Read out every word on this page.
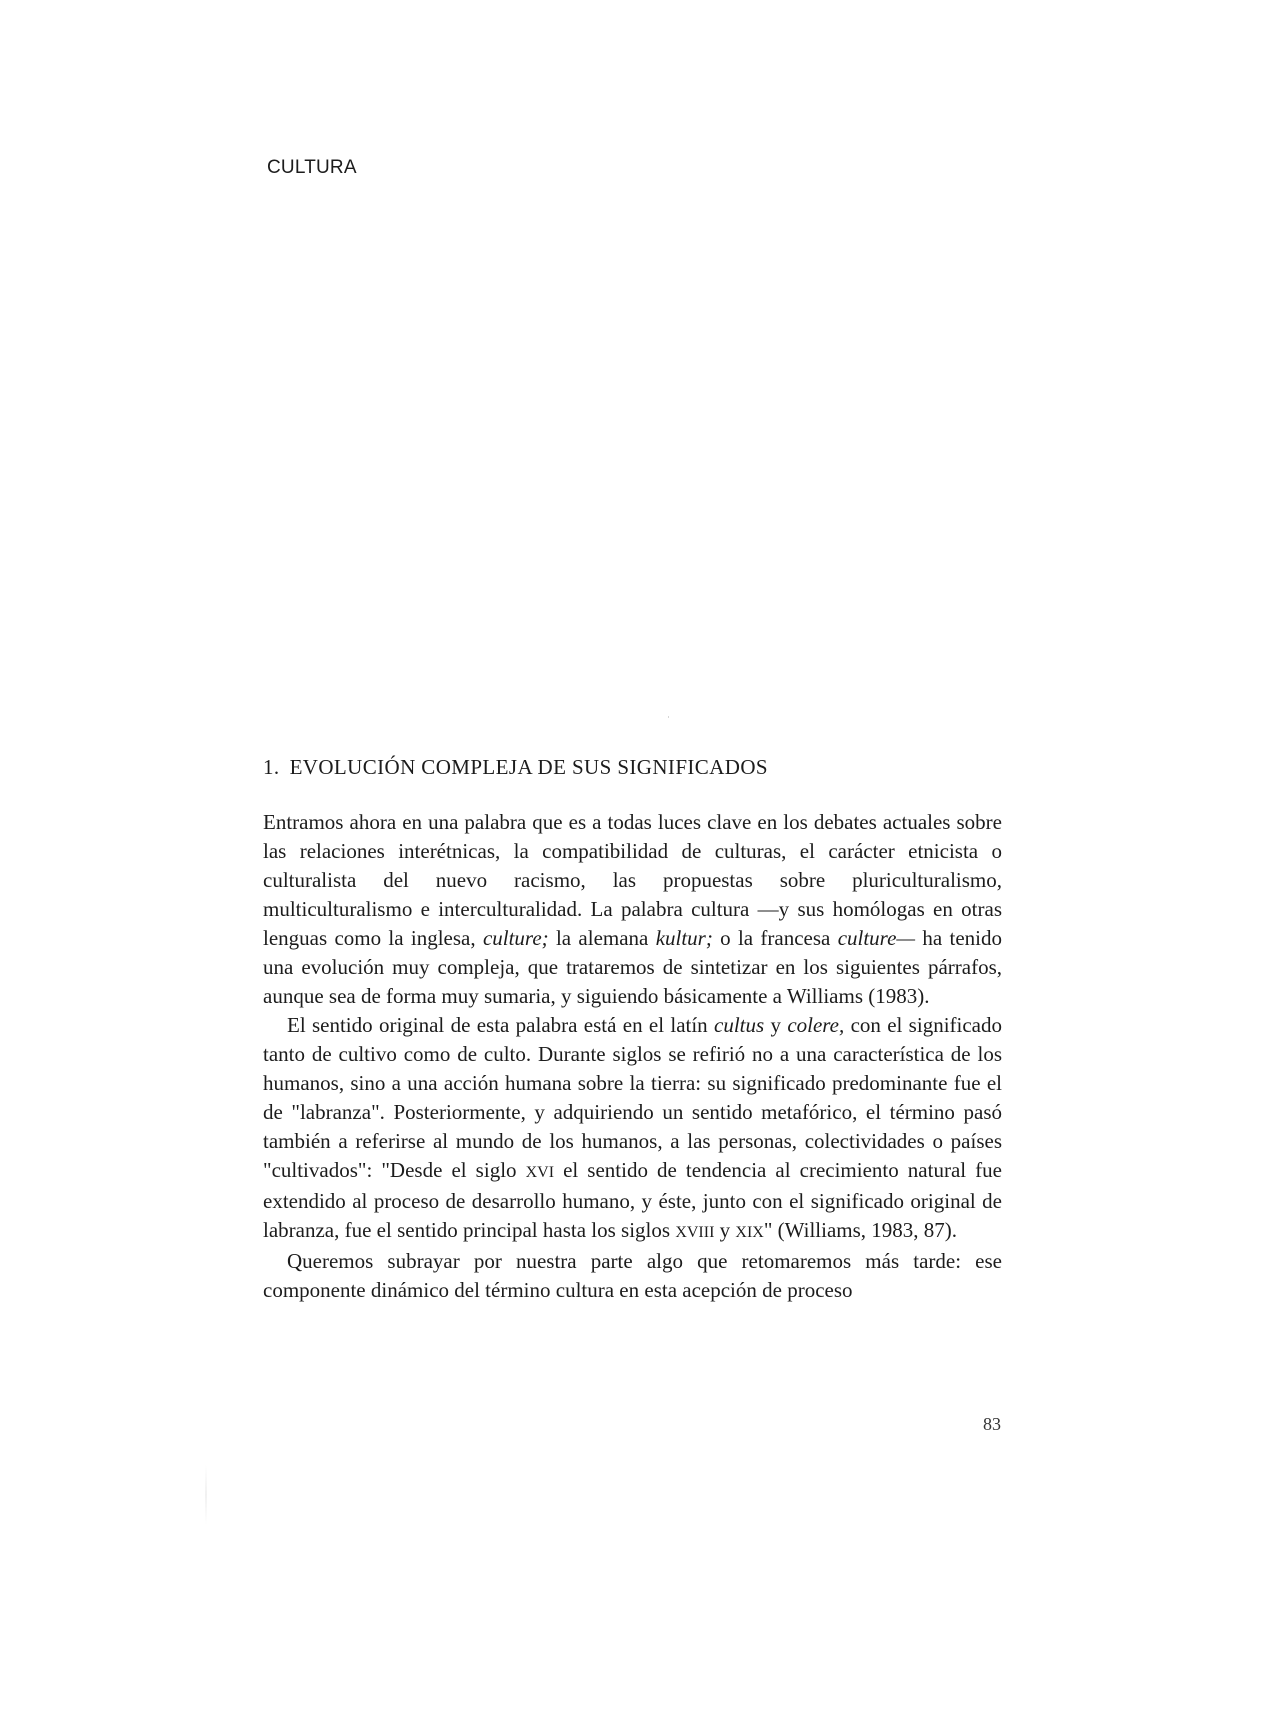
CULTURA
1. EVOLUCIÓN COMPLEJA DE SUS SIGNIFICADOS

Entramos ahora en una palabra que es a todas luces clave en los debates actuales sobre las relaciones interétnicas, la compatibilidad de culturas, el carácter etnicista o culturalista del nuevo racismo, las propuestas sobre pluriculturalismo, multiculturalismo e interculturalidad. La palabra cultura —y sus homólogas en otras lenguas como la inglesa, culture; la alemana kultur; o la francesa culture— ha tenido una evolución muy compleja, que trataremos de sintetizar en los siguientes párrafos, aunque sea de forma muy sumaria, y siguiendo básicamente a Williams (1983).

El sentido original de esta palabra está en el latín cultus y colere, con el significado tanto de cultivo como de culto. Durante siglos se refirió no a una característica de los humanos, sino a una acción humana sobre la tierra: su significado predominante fue el de "labranza". Posteriormente, y adquiriendo un sentido metafórico, el término pasó también a referirse al mundo de los humanos, a las personas, colectividades o países "cultivados": "Desde el siglo XVI el sentido de tendencia al crecimiento natural fue extendido al proceso de desarrollo humano, y éste, junto con el significado original de labranza, fue el sentido principal hasta los siglos XVIII y XIX" (Williams, 1983, 87).

Queremos subrayar por nuestra parte algo que retomaremos más tarde: ese componente dinámico del término cultura en esta acepción de proceso

83
